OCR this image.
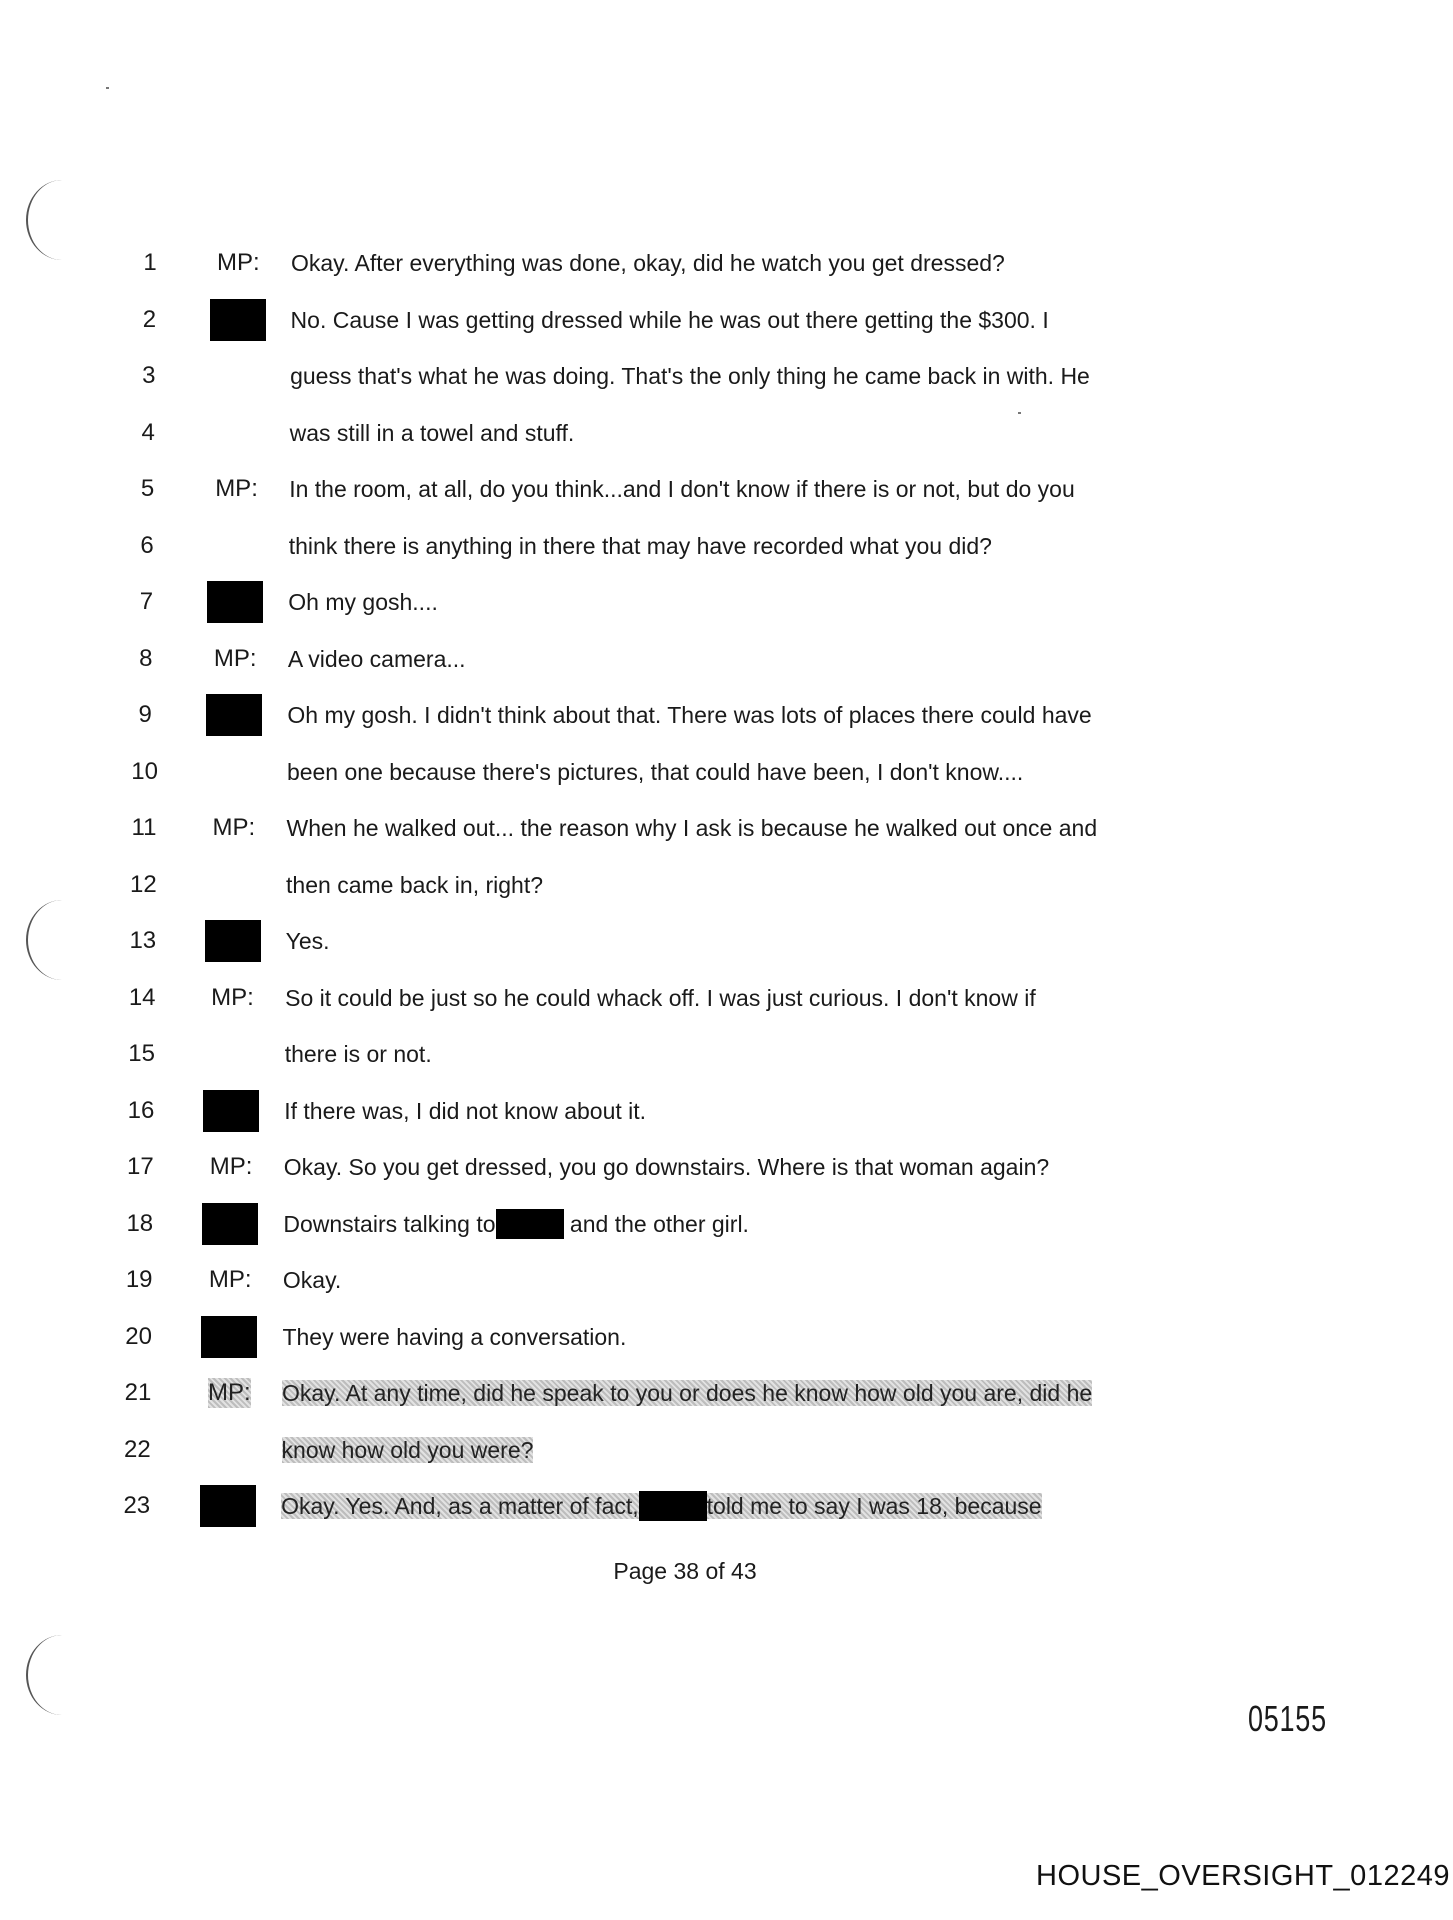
1	MP: Okay. After everything was done, okay, did he watch you get dressed?
2	No. Cause I was getting dressed while he was out there getting the $300. I
3	guess that's what he was doing. That's the only thing he came back in with. He
4	was still in a towel and stuff.
5	MP: In the room, at all, do you think...and I don't know if there is or not, but do you
6	think there is anything in there that may have recorded what you did?
7	Oh my gosh....
8	MP: A video camera...
9	Oh my gosh. I didn't think about that. There was lots of places there could have
10	been one because there's pictures, that could have been, I don't know....
11	MP: When he walked out... the reason why I ask is because he walked out once and
12	then came back in, right?
13	Yes.
14	MP: So it could be just so he could whack off. I was just curious. I don't know if
15	there is or not.
16	If there was, I did not know about it.
17	MP: Okay. So you get dressed, you go downstairs. Where is that woman again?
18	Downstairs talking to	and the other girl.
19	MP: Okay.
20	They were having a conversation.
21	MP: Okay. At any time, did he speak to you or does he know how old you are, did he
22	know how old you were?
23	Okay. Yes. And, as a matter of fact,	told me to say I was 18, because
Page 38 of 43
05155
HOUSE_OVERSIGHT_012249
